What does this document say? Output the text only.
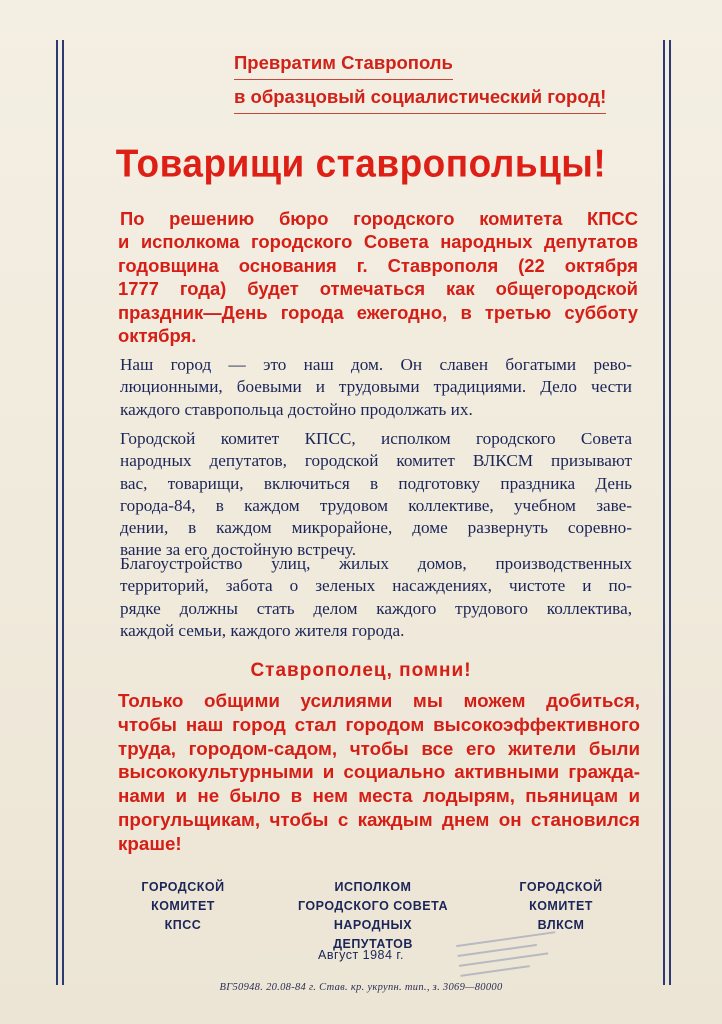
Превратим Ставрополь
в образцовый социалистический город!
Товарищи ставропольцы!
По решению бюро городского комитета КПСС
и исполкома городского Совета народных депутатов
годовщина основания г. Ставрополя (22 октября
1777 года) будет отмечаться как общегородской
праздник—День города ежегодно, в третью субботу
октября.
Наш город — это наш дом. Он славен богатыми рево-
люционными, боевыми и трудовыми традициями. Дело чести
каждого ставропольца достойно продолжать их.
Городской комитет КПСС, исполком городского Совета
народных депутатов, городской комитет ВЛКСМ призывают
вас, товарищи, включиться в подготовку праздника День
города-84, в каждом трудовом коллективе, учебном заве-
дении, в каждом микрорайоне, доме развернуть соревно-
вание за его достойную встречу.
Благоустройство улиц, жилых домов, производственных
территорий, забота о зеленых насаждениях, чистоте и по-
рядке должны стать делом каждого трудового коллектива,
каждой семьи, каждого жителя города.
Ставрополец, помни!
Только общими усилиями мы можем добиться,
чтобы наш город стал городом высокоэффективного
труда, городом-садом, чтобы все его жители были
высококультурными и социально активными гражда-
нами и не было в нем места лодырям, пьяницам и
прогульщикам, чтобы с каждым днем он становился
краше!
ГОРОДСКОЙ КОМИТЕТ
КПСС
ИСПОЛКОМ
ГОРОДСКОГО СОВЕТА
НАРОДНЫХ ДЕПУТАТОВ
ГОРОДСКОЙ КОМИТЕТ
ВЛКСМ
Август 1984 г.
ВГ50948. 20.08-84 г. Став. кр. укрупн. тип., з. 3069—80000
